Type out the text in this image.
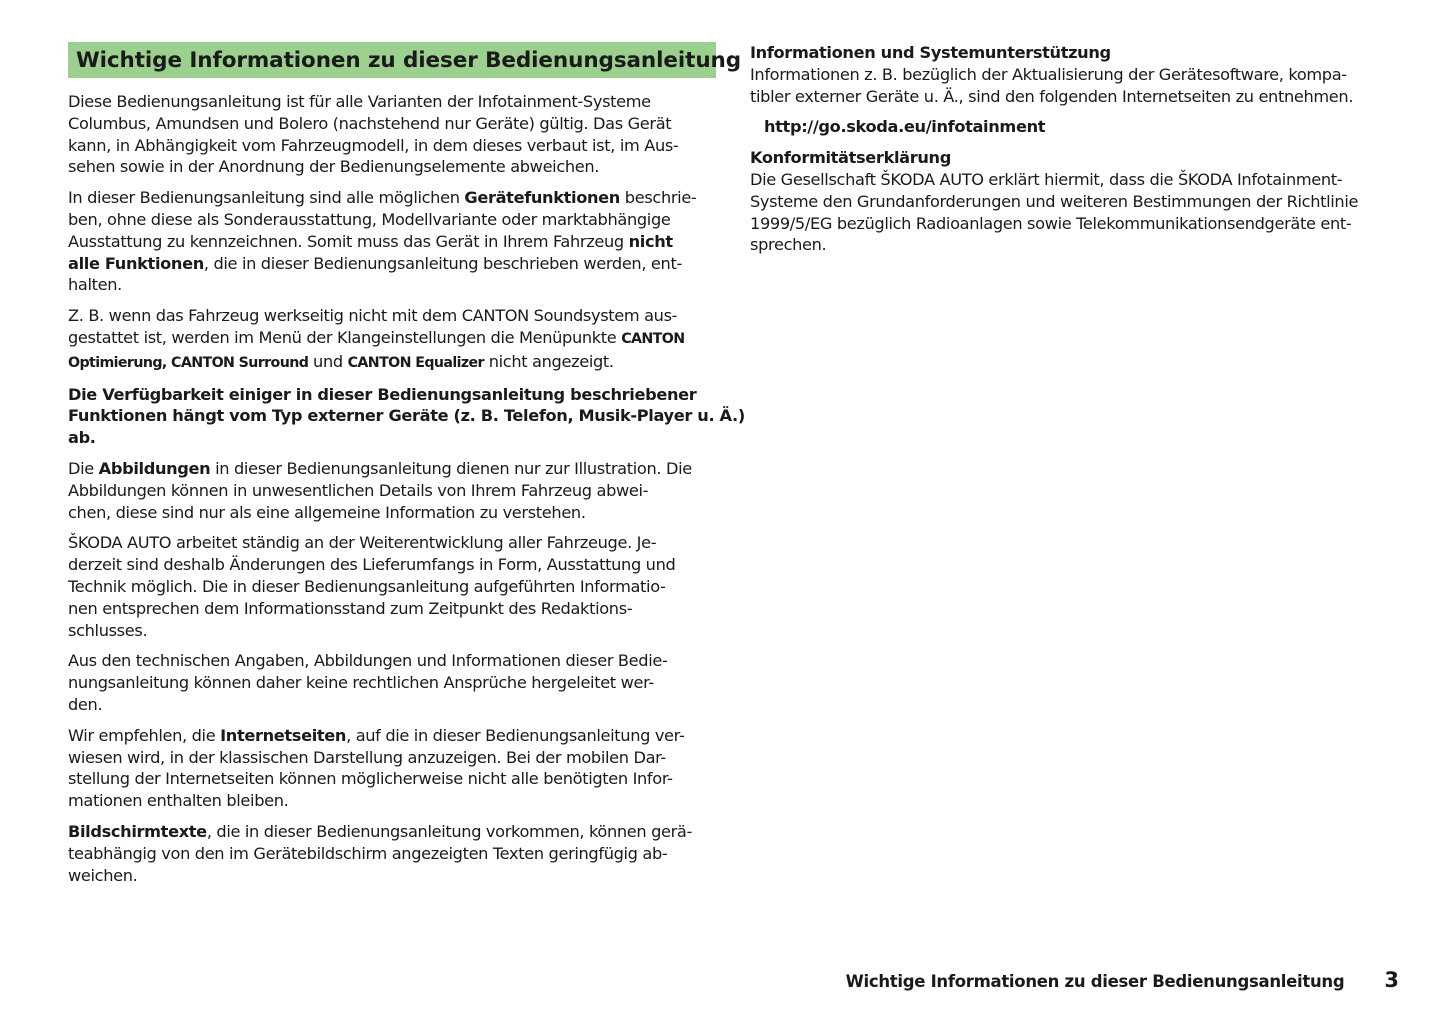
Wichtige Informationen zu dieser Bedienungsanleitung

Diese Bedienungsanleitung ist für alle Varianten der Infotainment-Systeme
Columbus, Amundsen und Bolero (nachstehend nur Geräte) gültig. Das Gerät
kann, in Abhängigkeit vom Fahrzeugmodell, in dem dieses verbaut ist, im Aus-
sehen sowie in der Anordnung der Bedienungselemente abweichen.

In dieser Bedienungsanleitung sind alle möglichen Gerätefunktionen beschrie-
ben, ohne diese als Sonderausstattung, Modellvariante oder marktabhängige
Ausstattung zu kennzeichnen. Somit muss das Gerät in Ihrem Fahrzeug nicht
alle Funktionen, die in dieser Bedienungsanleitung beschrieben werden, ent-
halten.

Z. B. wenn das Fahrzeug werkseitig nicht mit dem CANTON Soundsystem aus-
gestattet ist, werden im Menü der Klangeinstellungen die Menüpunkte CANTON
Optimierung, CANTON Surround und CANTON Equalizer nicht angezeigt.

Die Verfügbarkeit einiger in dieser Bedienungsanleitung beschriebener
Funktionen hängt vom Typ externer Geräte (z. B. Telefon, Musik-Player u. Ä.)
ab.

Die Abbildungen in dieser Bedienungsanleitung dienen nur zur Illustration. Die
Abbildungen können in unwesentlichen Details von Ihrem Fahrzeug abwei-
chen, diese sind nur als eine allgemeine Information zu verstehen.

ŠKODA AUTO arbeitet ständig an der Weiterentwicklung aller Fahrzeuge. Je-
derzeit sind deshalb Änderungen des Lieferumfangs in Form, Ausstattung und
Technik möglich. Die in dieser Bedienungsanleitung aufgeführten Informatio-
nen entsprechen dem Informationsstand zum Zeitpunkt des Redaktions-
schlusses.

Aus den technischen Angaben, Abbildungen und Informationen dieser Bedie-
nungsanleitung können daher keine rechtlichen Ansprüche hergeleitet wer-
den.

Wir empfehlen, die Internetseiten, auf die in dieser Bedienungsanleitung ver-
wiesen wird, in der klassischen Darstellung anzuzeigen. Bei der mobilen Dar-
stellung der Internetseiten können möglicherweise nicht alle benötigten Infor-
mationen enthalten bleiben.

Bildschirmtexte, die in dieser Bedienungsanleitung vorkommen, können gerä-
teabhängig von den im Gerätebildschirm angezeigten Texten geringfügig ab-
weichen.

Informationen und Systemunterstützung

Informationen z. B. bezüglich der Aktualisierung der Gerätesoftware, kompa-
tibler externer Geräte u. Ä., sind den folgenden Internetseiten zu entnehmen.

http://go.skoda.eu/infotainment
Konformitätserklärung

Die Gesellschaft ŠKODA AUTO erklärt hiermit, dass die ŠKODA Infotainment-
Systeme den Grundanforderungen und weiteren Bestimmungen der Richtlinie
1999/5/EG bezüglich Radioanlagen sowie Telekommunikationsendgeräte ent-
sprechen.

Wichtige Informationen zu dieser Bedienungsanleitung 3
